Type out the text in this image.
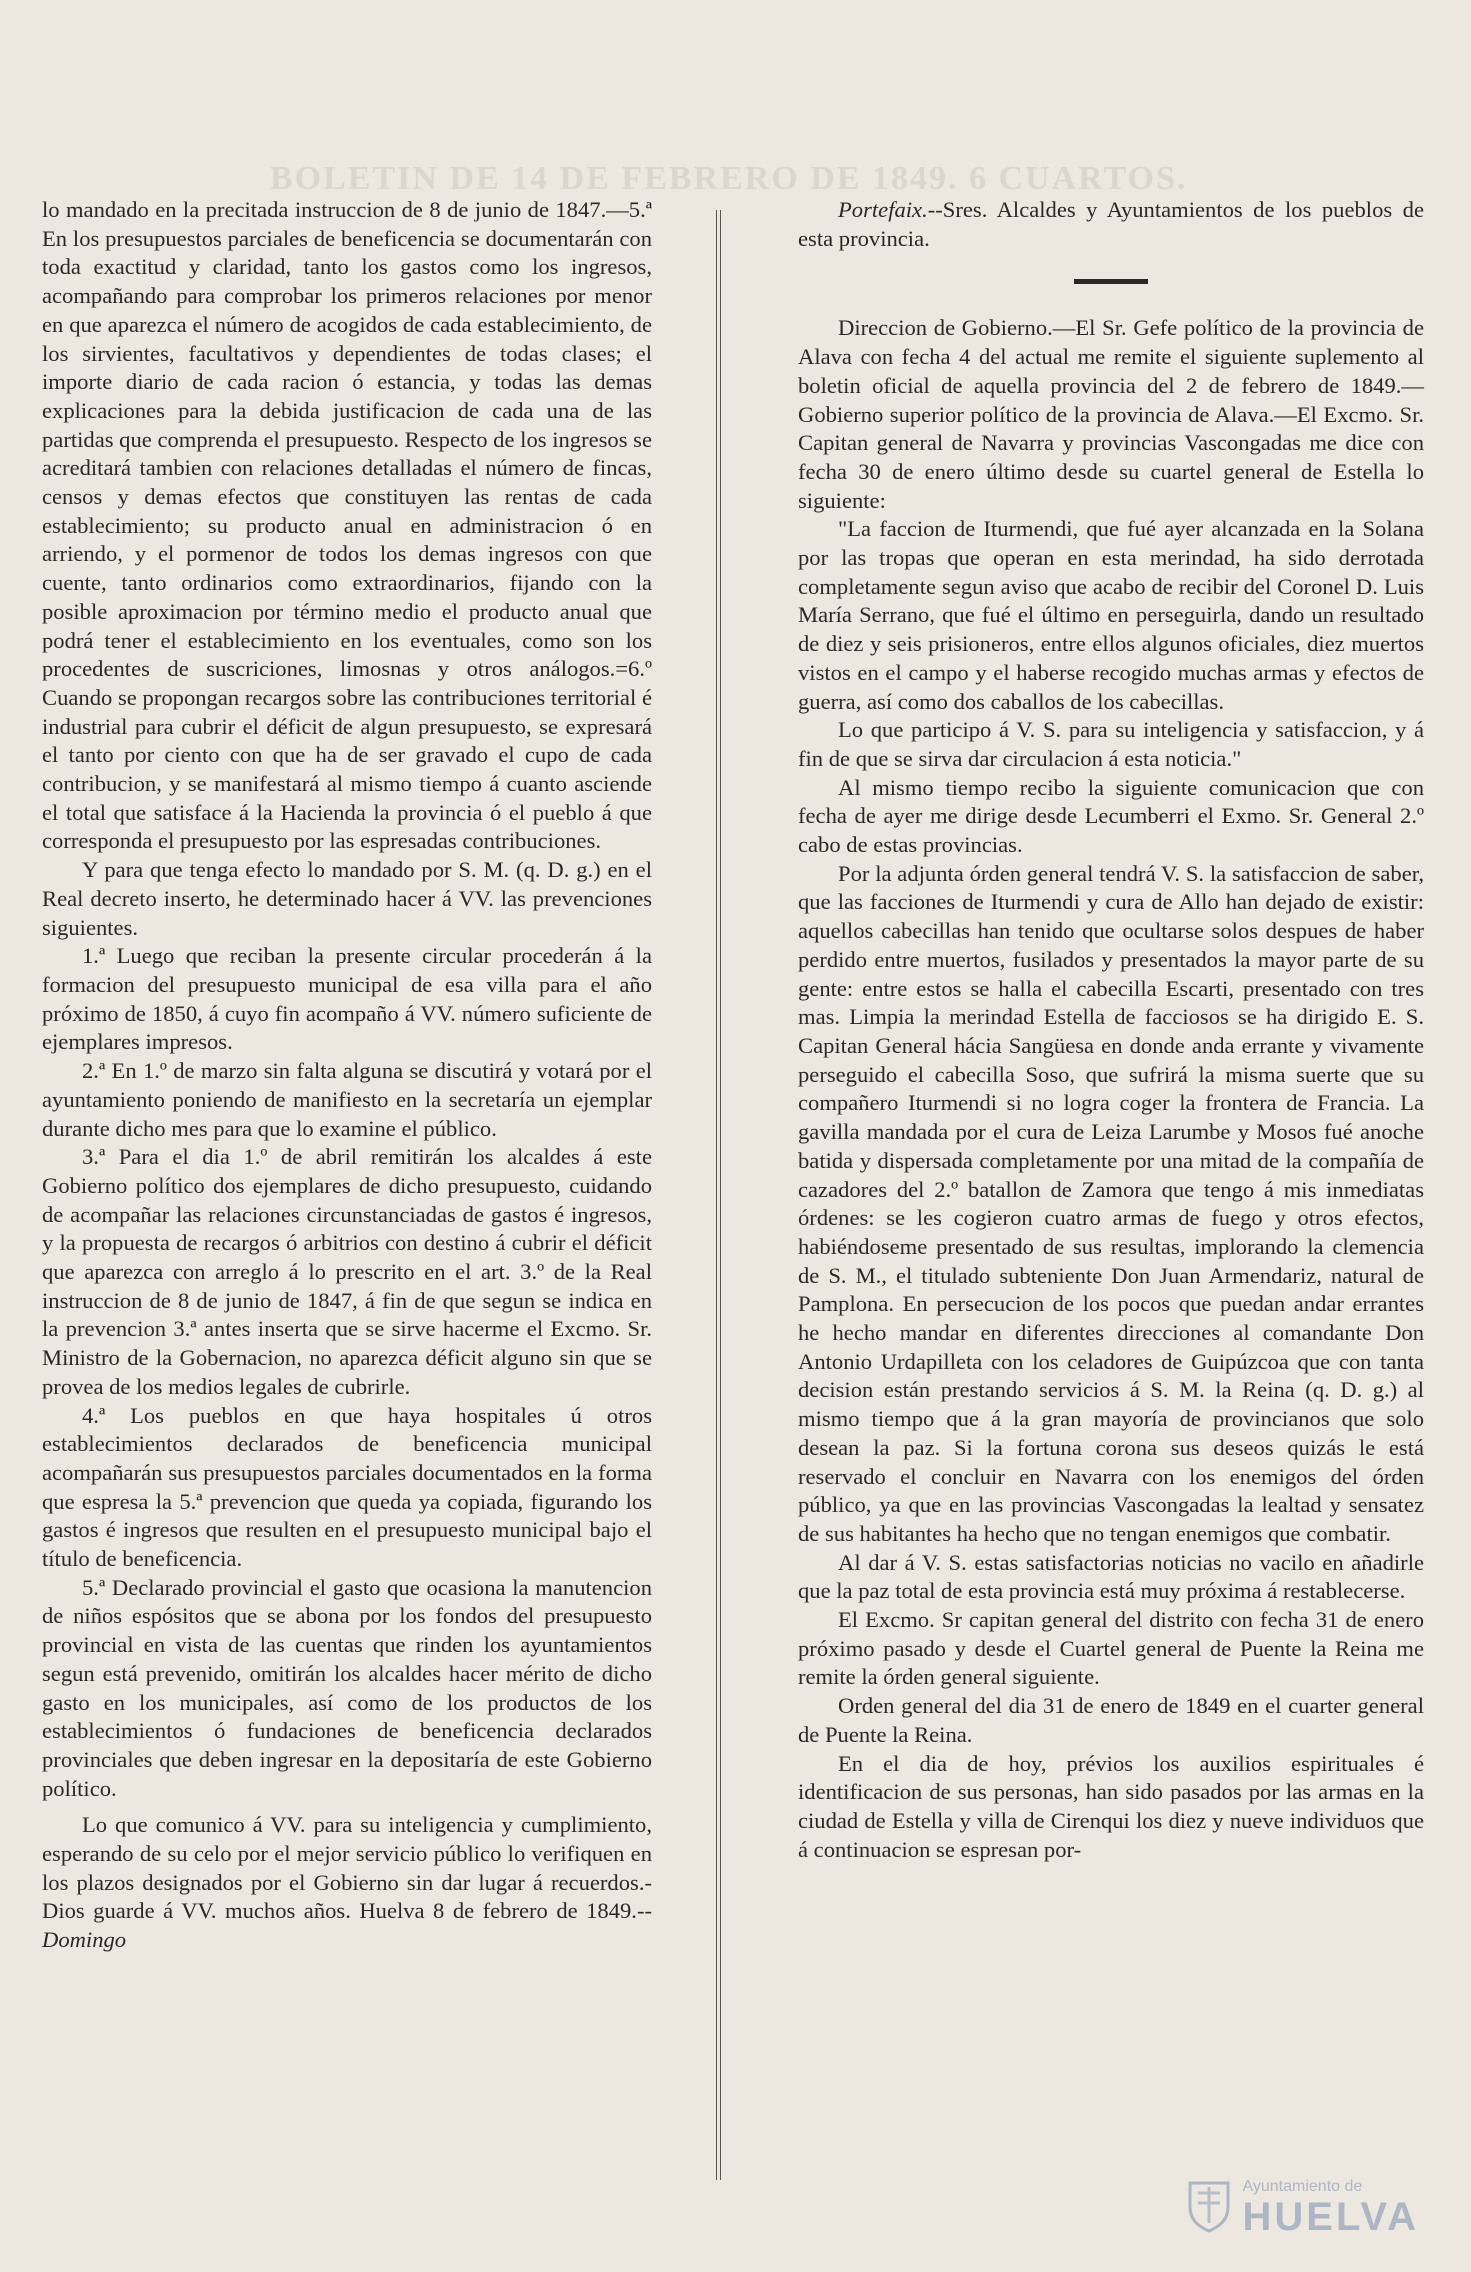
BOLETIN DE 14 DE FEBRERO DE 1849. 6 CUARTOS.

lo mandado en la precitada instruccion de 8 de junio de 1847.—5.ª En los presupuestos parciales de beneficencia se documentarán con toda exactitud y claridad, tanto los gastos como los ingresos, acompañando para comprobar los primeros relaciones por menor en que aparezca el número de acogidos de cada establecimiento, de los sirvientes, facultativos y dependientes de todas clases; el importe diario de cada racion ó estancia, y todas las demas explicaciones para la debida justificacion de cada una de las partidas que comprenda el presupuesto. Respecto de los ingresos se acreditará tambien con relaciones detalladas el número de fincas, censos y demas efectos que constituyen las rentas de cada establecimiento; su producto anual en administracion ó en arriendo, y el pormenor de todos los demas ingresos con que cuente, tanto ordinarios como extraordinarios, fijando con la posible aproximacion por término medio el producto anual que podrá tener el establecimiento en los eventuales, como son los procedentes de suscriciones, limosnas y otros análogos.=6.º Cuando se propongan recargos sobre las contribuciones territorial é industrial para cubrir el déficit de algun presupuesto, se expresará el tanto por ciento con que ha de ser gravado el cupo de cada contribucion, y se manifestará al mismo tiempo á cuanto asciende el total que satisface á la Hacienda la provincia ó el pueblo á que corresponda el presupuesto por las espresadas contribuciones.

Y para que tenga efecto lo mandado por S. M. (q. D. g.) en el Real decreto inserto, he determinado hacer á VV. las prevenciones siguientes.

1.ª Luego que reciban la presente circular procederán á la formacion del presupuesto municipal de esa villa para el año próximo de 1850, á cuyo fin acompaño á VV. número suficiente de ejemplares impresos.

2.ª En 1.º de marzo sin falta alguna se discutirá y votará por el ayuntamiento poniendo de manifiesto en la secretaría un ejemplar durante dicho mes para que lo examine el público.

3.ª Para el dia 1.º de abril remitirán los alcaldes á este Gobierno político dos ejemplares de dicho presupuesto, cuidando de acompañar las relaciones circunstanciadas de gastos é ingresos, y la propuesta de recargos ó arbitrios con destino á cubrir el déficit que aparezca con arreglo á lo prescrito en el art. 3.º de la Real instruccion de 8 de junio de 1847, á fin de que segun se indica en la prevencion 3.ª antes inserta que se sirve hacerme el Excmo. Sr. Ministro de la Gobernacion, no aparezca déficit alguno sin que se provea de los medios legales de cubrirle.

4.ª Los pueblos en que haya hospitales ú otros establecimientos declarados de beneficencia municipal acompañarán sus presupuestos parciales documentados en la forma que espresa la 5.ª prevencion que queda ya copiada, figurando los gastos é ingresos que resulten en el presupuesto municipal bajo el título de beneficencia.

5.ª Declarado provincial el gasto que ocasiona la manutencion de niños espósitos que se abona por los fondos del presupuesto provincial en vista de las cuentas que rinden los ayuntamientos segun está prevenido, omitirán los alcaldes hacer mérito de dicho gasto en los municipales, así como de los productos de los establecimientos ó fundaciones de beneficencia declarados provinciales que deben ingresar en la depositaría de este Gobierno político.

Lo que comunico á VV. para su inteligencia y cumplimiento, esperando de su celo por el mejor servicio público lo verifiquen en los plazos designados por el Gobierno sin dar lugar á recuerdos.-Dios guarde á VV. muchos años. Huelva 8 de febrero de 1849.--Domingo

Portefaix.--Sres. Alcaldes y Ayuntamientos de los pueblos de esta provincia.

Direccion de Gobierno.—El Sr. Gefe político de la provincia de Alava con fecha 4 del actual me remite el siguiente suplemento al boletin oficial de aquella provincia del 2 de febrero de 1849.—Gobierno superior político de la provincia de Alava.—El Excmo. Sr. Capitan general de Navarra y provincias Vascongadas me dice con fecha 30 de enero último desde su cuartel general de Estella lo siguiente:

"La faccion de Iturmendi, que fué ayer alcanzada en la Solana por las tropas que operan en esta merindad, ha sido derrotada completamente segun aviso que acabo de recibir del Coronel D. Luis María Serrano, que fué el último en perseguirla, dando un resultado de diez y seis prisioneros, entre ellos algunos oficiales, diez muertos vistos en el campo y el haberse recogido muchas armas y efectos de guerra, así como dos caballos de los cabecillas.

Lo que participo á V. S. para su inteligencia y satisfaccion, y á fin de que se sirva dar circulacion á esta noticia."

Al mismo tiempo recibo la siguiente comunicacion que con fecha de ayer me dirige desde Lecumberri el Exmo. Sr. General 2.º cabo de estas provincias.

Por la adjunta órden general tendrá V. S. la satisfaccion de saber, que las facciones de Iturmendi y cura de Allo han dejado de existir: aquellos cabecillas han tenido que ocultarse solos despues de haber perdido entre muertos, fusilados y presentados la mayor parte de su gente: entre estos se halla el cabecilla Escarti, presentado con tres mas. Limpia la merindad Estella de facciosos se ha dirigido E. S. Capitan General hácia Sangüesa en donde anda errante y vivamente perseguido el cabecilla Soso, que sufrirá la misma suerte que su compañero Iturmendi si no logra coger la frontera de Francia. La gavilla mandada por el cura de Leiza Larumbe y Mosos fué anoche batida y dispersada completamente por una mitad de la compañía de cazadores del 2.º batallon de Zamora que tengo á mis inmediatas órdenes: se les cogieron cuatro armas de fuego y otros efectos, habiéndoseme presentado de sus resultas, implorando la clemencia de S. M., el titulado subteniente Don Juan Armendariz, natural de Pamplona. En persecucion de los pocos que puedan andar errantes he hecho mandar en diferentes direcciones al comandante Don Antonio Urdapilleta con los celadores de Guipúzcoa que con tanta decision están prestando servicios á S. M. la Reina (q. D. g.) al mismo tiempo que á la gran mayoría de provincianos que solo desean la paz. Si la fortuna corona sus deseos quizás le está reservado el concluir en Navarra con los enemigos del órden público, ya que en las provincias Vascongadas la lealtad y sensatez de sus habitantes ha hecho que no tengan enemigos que combatir.

Al dar á V. S. estas satisfactorias noticias no vacilo en añadirle que la paz total de esta provincia está muy próxima á restablecerse.

El Excmo. Sr capitan general del distrito con fecha 31 de enero próximo pasado y desde el Cuartel general de Puente la Reina me remite la órden general siguiente.

Orden general del dia 31 de enero de 1849 en el cuarter general de Puente la Reina.

En el dia de hoy, prévios los auxilios espirituales é identificacion de sus personas, han sido pasados por las armas en la ciudad de Estella y villa de Cirenqui los diez y nueve individuos que á continuacion se espresan por-

Ayuntamiento de
HUELVA
